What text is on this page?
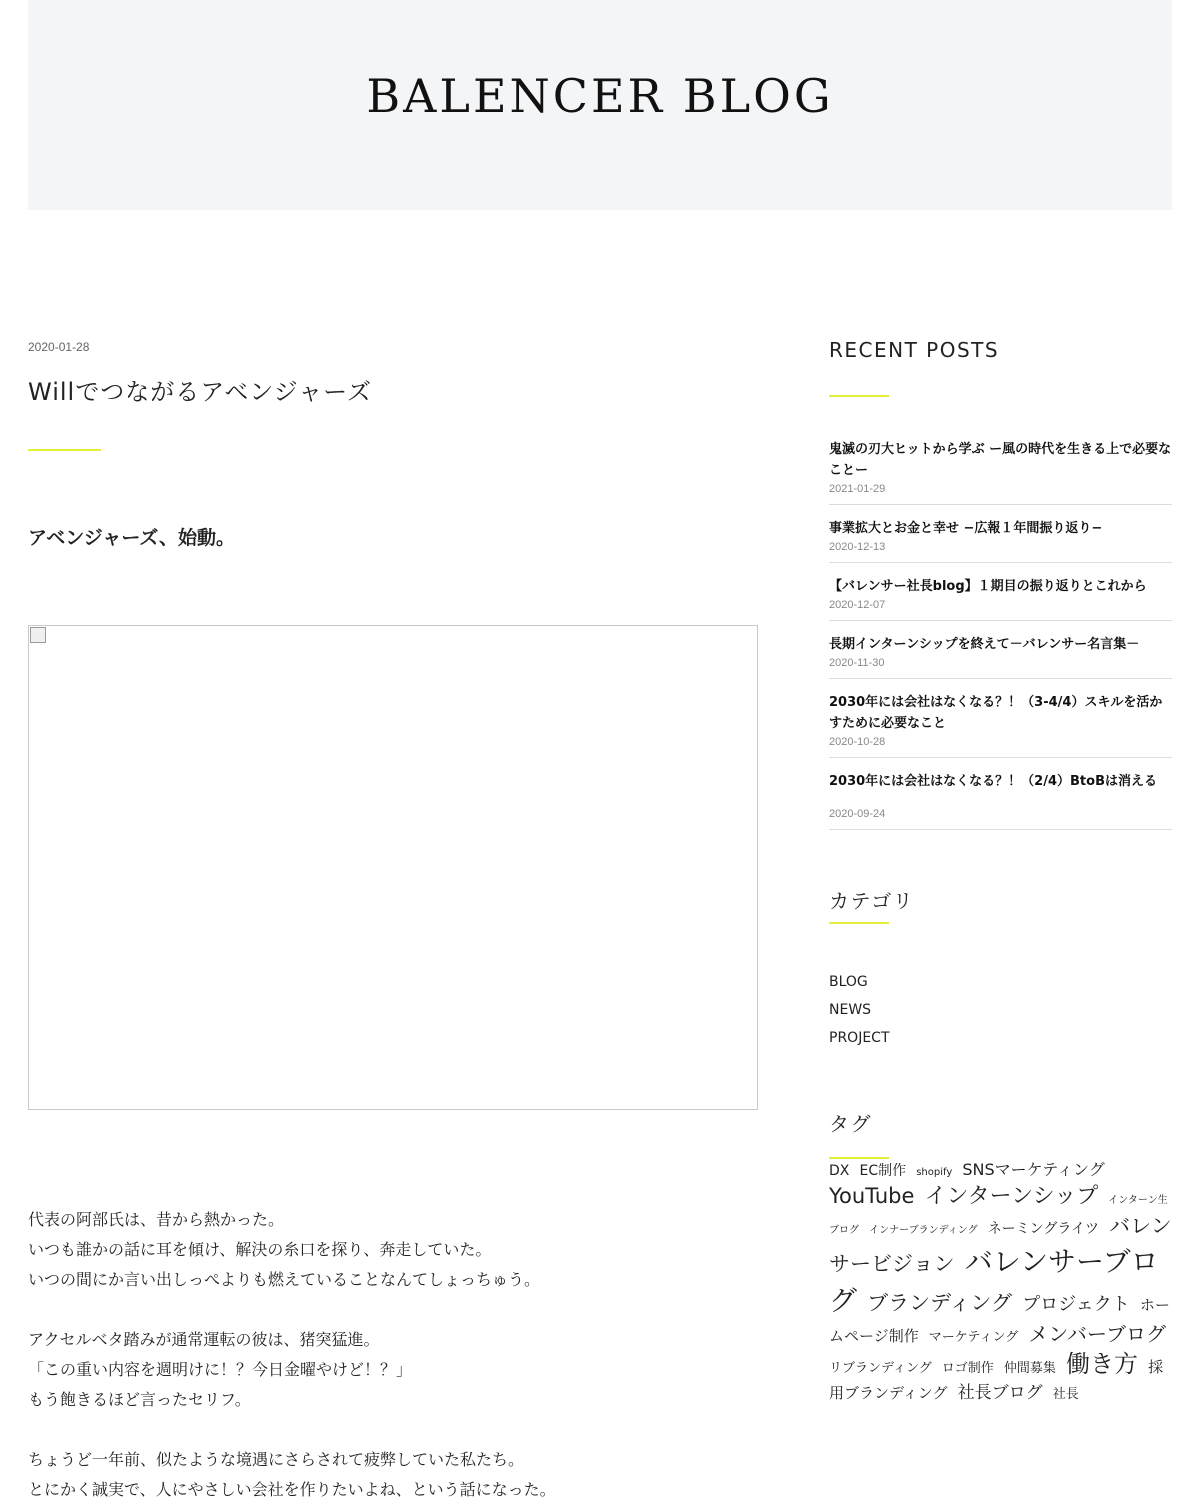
BALENCER BLOG
2020-01-28
Willでつながるアベンジャーズ
アベンジャーズ、始動。
代表の阿部氏は、昔から熱かった。
いつも誰かの話に耳を傾け、解決の糸口を探り、奔走していた。
いつの間にか言い出しっぺよりも燃えていることなんてしょっちゅう。
アクセルベタ踏みが通常運転の彼は、猪突猛進。
「この重い内容を週明けに！？今日金曜やけど！？」
もう飽きるほど言ったセリフ。
ちょうど一年前、似たような境遇にさらされて疲弊していた私たち。
とにかく誠実で、人にやさしい会社を作りたいよね、という話になった。
RECENT POSTS
鬼滅の刃大ヒットから学ぶ ー風の時代を生きる上で必要なことー
2021-01-29
事業拡大とお金と幸せ −広報１年間振り返り−
2020-12-13
【バレンサー社長blog】１期目の振り返りとこれから
2020-12-07
長期インターンシップを終えて－バレンサー名言集－
2020-11-30
2030年には会社はなくなる？！（3-4/4）スキルを活かすために必要なこと
2020-10-28
2030年には会社はなくなる？！（2/4）BtoBは消える
2020-09-24
カテゴリ
BLOG
NEWS
PROJECT
タグ
DX EC制作 shopify SNSマーケティング YouTube インターンシップ インターン生ブログ インナーブランディング ネーミングライツ バレンサービジョン バレンサーブログ ブランディング プロジェクト ホームページ制作 マーケティング メンバーブログ リブランディング ロゴ制作 仲間募集 働き方 採用ブランディング 社長ブログ 社長
